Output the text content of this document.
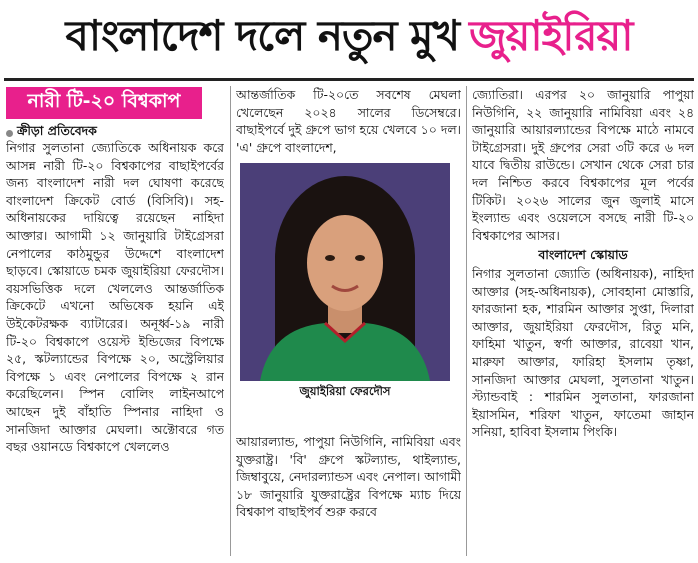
বাংলাদেশ দলে নতুন মুখ জুয়াইরিয়া
নারী টি-২০ বিশ্বকাপ
ক্রীড়া প্রতিবেদক

নিগার সুলতানা জ্যোতিকে অধিনায়ক করে আসন্ন নারী টি-২০ বিশ্বকাপের বাছাইপর্বের জন্য বাংলাদেশ নারী দল ঘোষণা করেছে বাংলাদেশ ক্রিকেট বোর্ড (বিসিবি)। সহ-অধিনায়কের দায়িত্বে রয়েছেন নাহিদা আক্তার। আগামী ১২ জানুয়ারি টাইগ্রেসরা নেপালের কাঠমুন্ডুর উদ্দেশে বাংলাদেশ ছাড়বে। স্কোয়াডে চমক জুয়াইরিয়া ফেরদৌস। বয়সভিত্তিক দলে খেললেও আন্তর্জাতিক ক্রিকেটে এখনো অভিষেক হয়নি এই উইকেটরক্ষক ব্যাটারের। অনূর্ধ্ব-১৯ নারী টি-২০ বিশ্বকাপে ওয়েস্ট ইন্ডিজের বিপক্ষে ২৫, স্কটল্যান্ডের বিপক্ষে ২০, অস্ট্রেলিয়ার বিপক্ষে ১ এবং নেপালের বিপক্ষে ২ রান করেছিলেন। স্পিন বোলিং লাইনআপে আছেন দুই বাঁহাতি স্পিনার নাহিদা ও সানজিদা আক্তার মেঘলা। অক্টোবরে গত বছর ওয়ানডে বিশ্বকাপে খেললেও

আন্তর্জাতিক টি-২০তে সবশেষ মেঘলা খেলেছেন ২০২৪ সালের ডিসেম্বরে। বাছাইপর্বে দুই গ্রুপে ভাগ হয়ে খেলবে ১০ দল। 'এ' গ্রুপে বাংলাদেশ,

জুয়াইরিয়া ফেরদৌস

আয়ারল্যান্ড, পাপুয়া নিউগিনি, নামিবিয়া এবং যুক্তরাষ্ট্র। 'বি' গ্রুপে স্কটল্যান্ড, থাইল্যান্ড, জিম্বাবুয়ে, নেদারল্যান্ডস এবং নেপাল। আগামী ১৮ জানুয়ারি যুক্তরাষ্ট্রের বিপক্ষে ম্যাচ দিয়ে বিশ্বকাপ বাছাইপর্ব শুরু করবে

জ্যোতিরা। এরপর ২০ জানুয়ারি পাপুয়া নিউগিনি, ২২ জানুয়ারি নামিবিয়া এবং ২৪ জানুয়ারি আয়ারল্যান্ডের বিপক্ষে মাঠে নামবে টাইগ্রেসরা। দুই গ্রুপের সেরা ৩টি করে ৬ দল যাবে দ্বিতীয় রাউন্ডে। সেখান থেকে সেরা চার দল নিশ্চিত করবে বিশ্বকাপের মূল পর্বের টিকিট। ২০২৬ সালের জুন জুলাই মাসে ইংল্যান্ড এবং ওয়েলসে বসছে নারী টি-২০ বিশ্বকাপের আসর।

বাংলাদেশ স্কোয়াড

নিগার সুলতানা জ্যোতি (অধিনায়ক), নাহিদা আক্তার (সহ-অধিনায়ক), সোবহানা মোস্তারি, ফারজানা হক, শারমিন আক্তার সুপ্তা, দিলারা আক্তার, জুয়াইরিয়া ফেরদৌস, রিতু মনি, ফাহিমা খাতুন, স্বর্ণা আক্তার, রাবেয়া খান, মারুফা আক্তার, ফারিহা ইসলাম তৃষ্ণা, সানজিদা আক্তার মেঘলা, সুলতানা খাতুন। স্ট্যান্ডবাই : শারমিন সুলতানা, ফারজানা ইয়াসমিন, শরিফা খাতুন, ফাতেমা জাহান সনিয়া, হাবিবা ইসলাম পিংকি।
